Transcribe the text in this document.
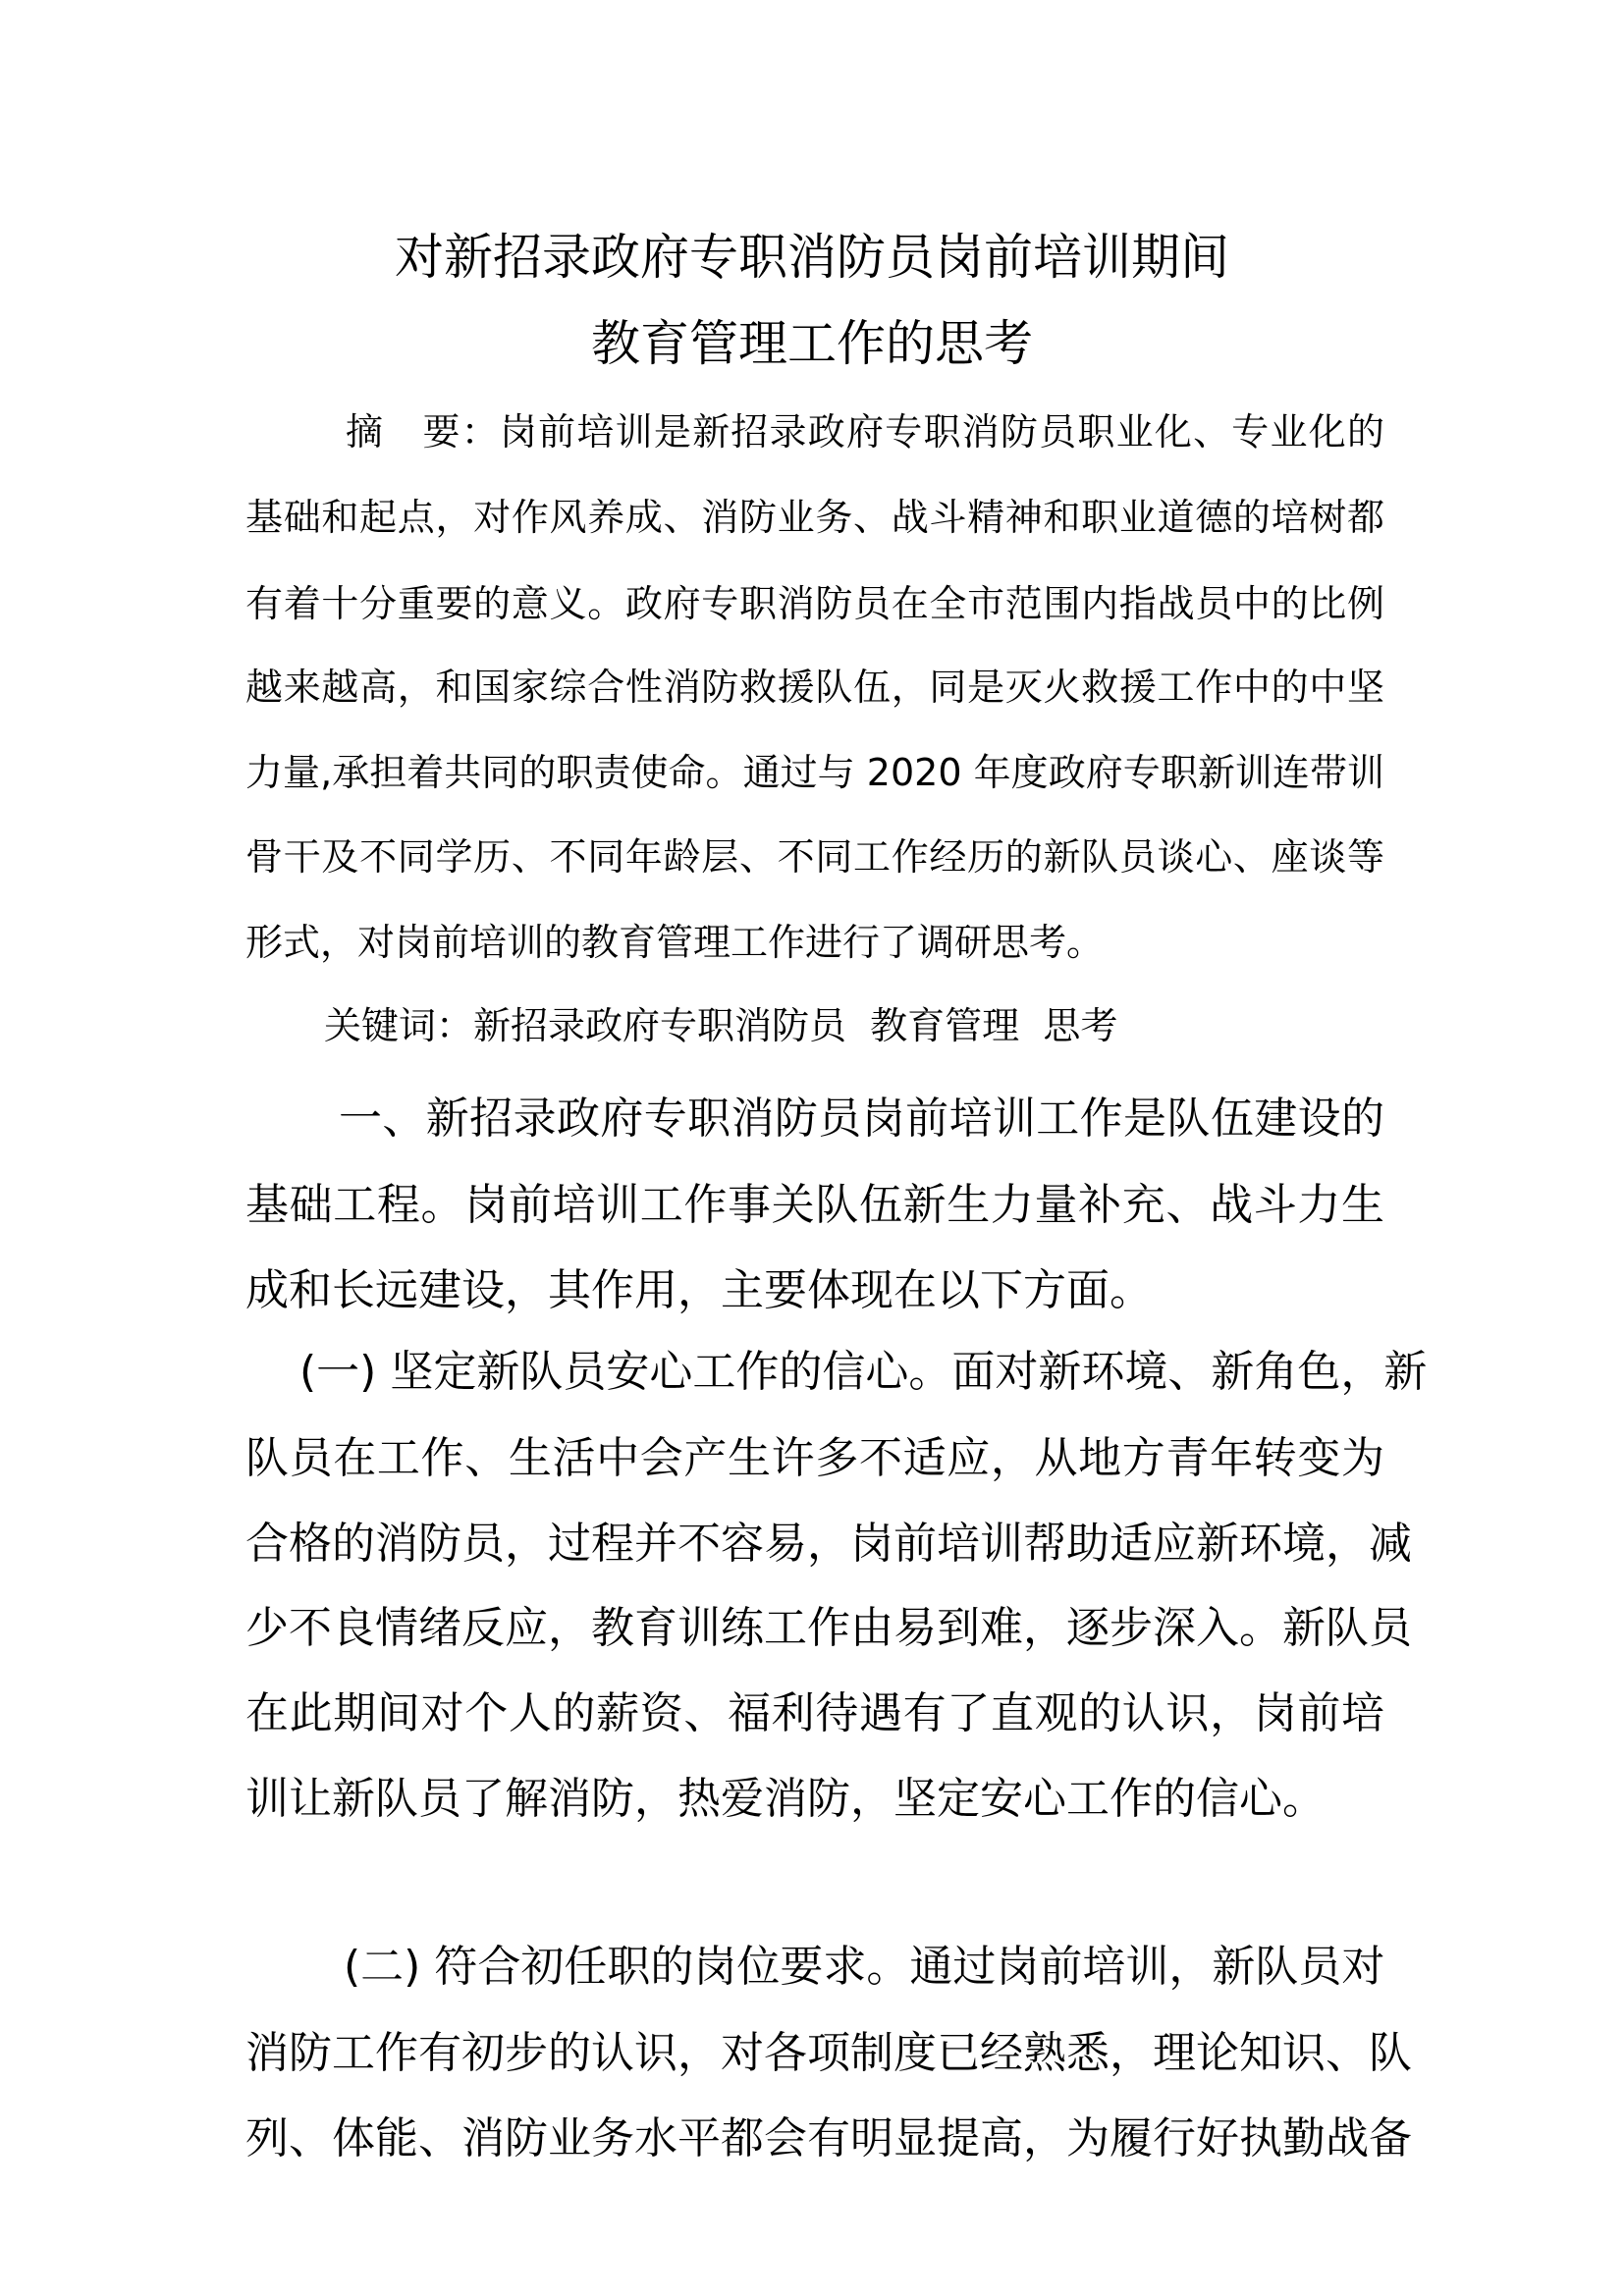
对新招录政府专职消防员岗前培训期间
教育管理工作的思考
摘　要：岗前培训是新招录政府专职消防员职业化、专业化的
基础和起点，对作风养成、消防业务、战斗精神和职业道德的培树都
有着十分重要的意义。政府专职消防员在全市范围内指战员中的比例
越来越高，和国家综合性消防救援队伍，同是灭火救援工作中的中坚
力量,承担着共同的职责使命。通过与 2020 年度政府专职新训连带训
骨干及不同学历、不同年龄层、不同工作经历的新队员谈心、座谈等
形式，对岗前培训的教育管理工作进行了调研思考。
一、新招录政府专职消防员岗前培训工作是队伍建设的
基础工程。岗前培训工作事关队伍新生力量补充、战斗力生
成和长远建设，其作用，主要体现在以下方面。
(一) 坚定新队员安心工作的信心。面对新环境、新角色，新
队员在工作、生活中会产生许多不适应，从地方青年转变为
合格的消防员，过程并不容易，岗前培训帮助适应新环境，减
少不良情绪反应，教育训练工作由易到难，逐步深入。新队员
在此期间对个人的薪资、福利待遇有了直观的认识，岗前培
训让新队员了解消防，热爱消防，坚定安心工作的信心。
(二) 符合初任职的岗位要求。通过岗前培训，新队员对
消防工作有初步的认识，对各项制度已经熟悉，理论知识、队
列、体能、消防业务水平都会有明显提高，为履行好执勤战备
关键词：新招录政府专职消防员  教育管理  思考
